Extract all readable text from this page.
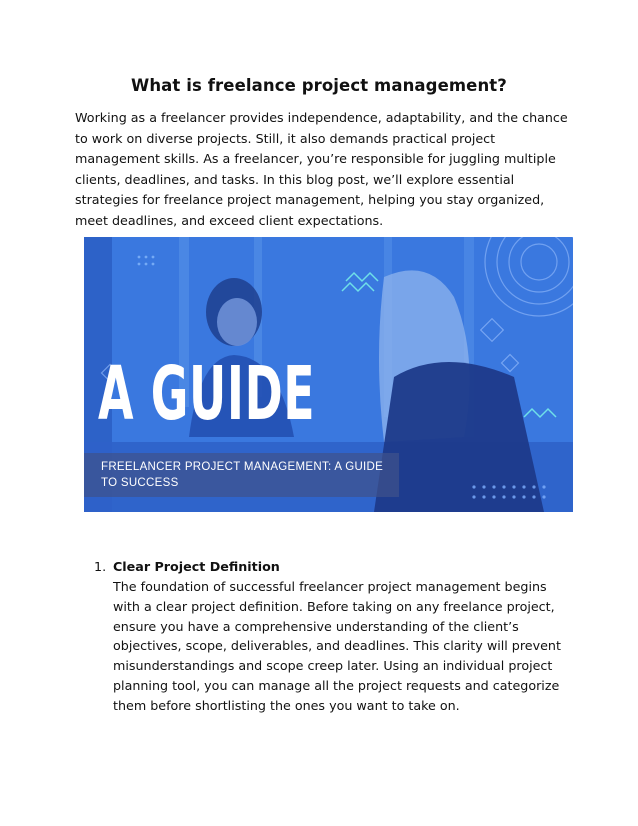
What is freelance project management?

Working as a freelancer provides independence, adaptability, and the chance to work on diverse projects. Still, it also demands practical project management skills. As a freelancer, you’re responsible for juggling multiple clients, deadlines, and tasks. In this blog post, we’ll explore essential strategies for freelance project management, helping you stay organized, meet deadlines, and exceed client expectations.

A GUIDE
FREELANCER PROJECT MANAGEMENT: A GUIDE TO SUCCESS
1. Clear Project Definition
The foundation of successful freelancer project management begins with a clear project definition. Before taking on any freelance project, ensure you have a comprehensive understanding of the client’s objectives, scope, deliverables, and deadlines. This clarity will prevent misunderstandings and scope creep later. Using an individual project planning tool, you can manage all the project requests and categorize them before shortlisting the ones you want to take on.
